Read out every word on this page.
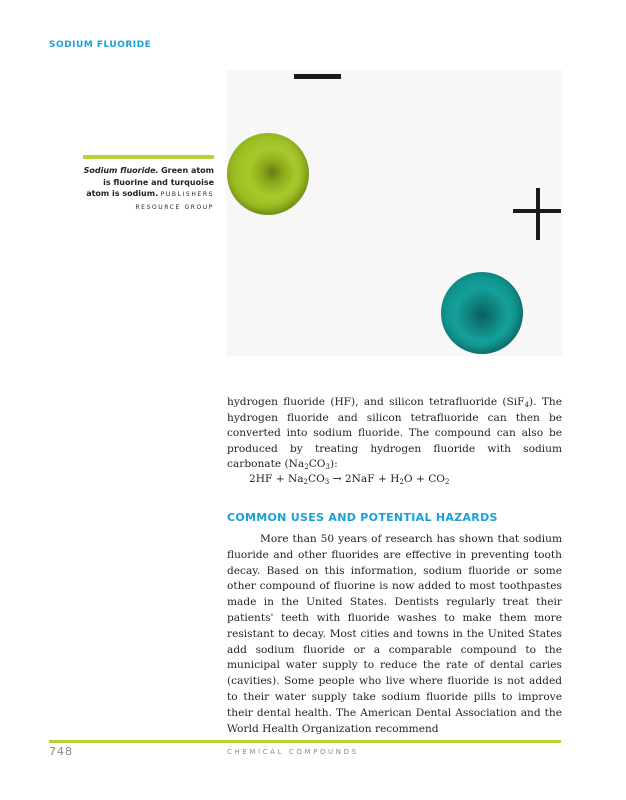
SODIUM FLUORIDE
Sodium fluoride. Green atom is fluorine and turquoise atom is sodium. PUBLISHERS RESOURCE GROUP
hydrogen fluoride (HF), and silicon tetrafluoride (SiF$_4$). The hydrogen fluoride and silicon tetrafluoride can then be converted into sodium fluoride. The compound can also be produced by treating hydrogen fluoride with sodium carbonate $(Na_2CO_3)$:
$2HF + Na_2CO_3 \to 2NaF + H_2O + CO_2$
COMMON USES AND POTENTIAL HAZARDS
More than 50 years of research has shown that sodium fluoride and other fluorides are effective in preventing tooth decay. Based on this information, sodium fluoride or some other compound of fluorine is now added to most toothpastes made in the United States. Dentists regularly treat their patients' teeth with fluoride washes to make them more resistant to decay. Most cities and towns in the United States add sodium fluoride or a comparable compound to the municipal water supply to reduce the rate of dental caries (cavities). Some people who live where fluoride is not added to their water supply take sodium fluoride pills to improve their dental health. The American Dental Association and the World Health Organization recommend
748	CHEMICAL COMPOUNDS
